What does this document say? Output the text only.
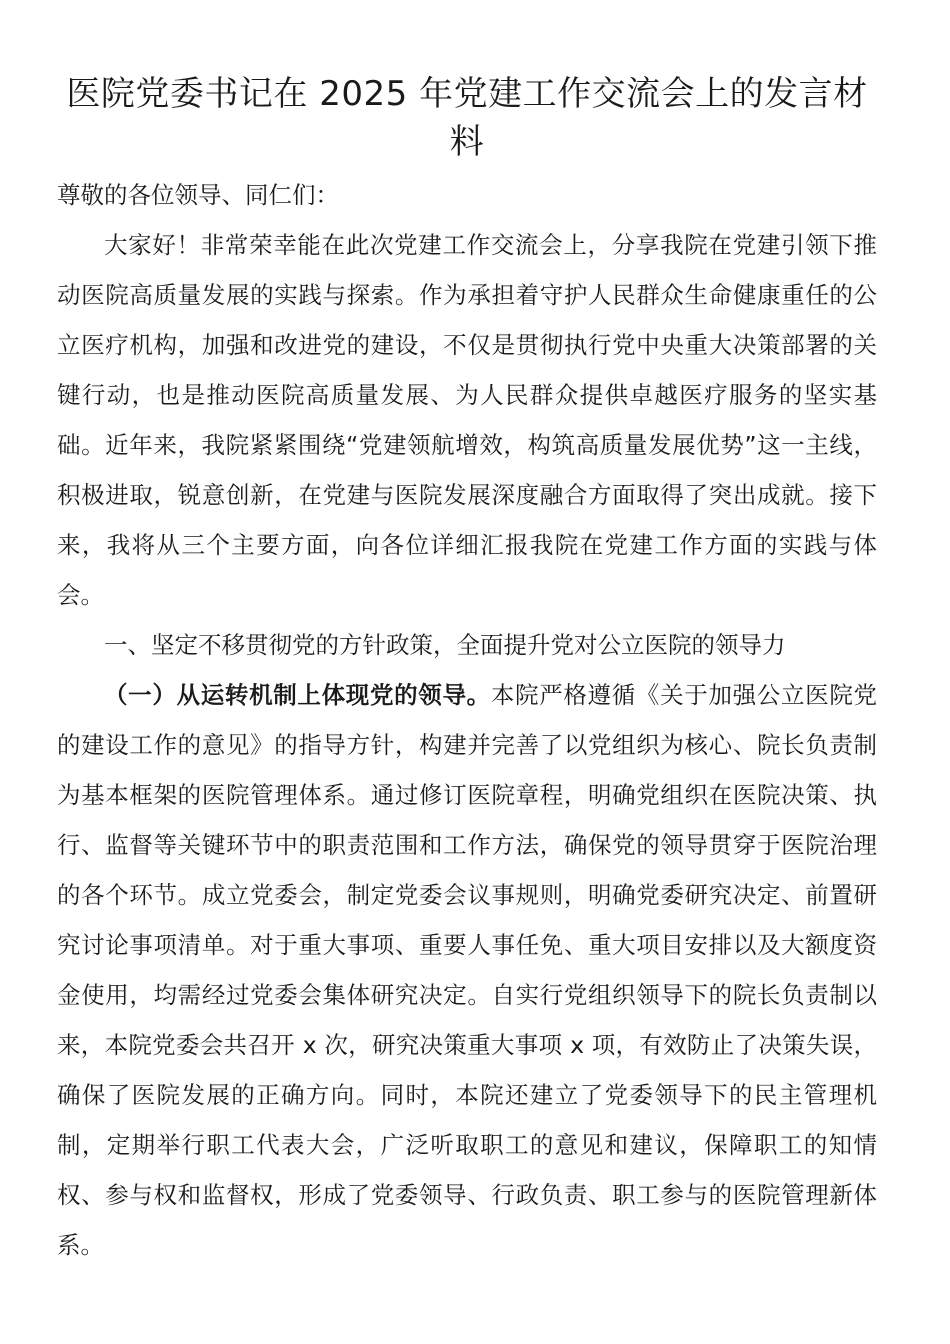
医院党委书记在 2025 年党建工作交流会上的发言材料

尊敬的各位领导、同仁们：

大家好！非常荣幸能在此次党建工作交流会上，分享我院在党建引领下推动医院高质量发展的实践与探索。作为承担着守护人民群众生命健康重任的公立医疗机构，加强和改进党的建设，不仅是贯彻执行党中央重大决策部署的关键行动，也是推动医院高质量发展、为人民群众提供卓越医疗服务的坚实基础。近年来，我院紧紧围绕“党建领航增效，构筑高质量发展优势”这一主线，积极进取，锐意创新，在党建与医院发展深度融合方面取得了突出成就。接下来，我将从三个主要方面，向各位详细汇报我院在党建工作方面的实践与体会。

一、坚定不移贯彻党的方针政策，全面提升党对公立医院的领导力

（一）从运转机制上体现党的领导。本院严格遵循《关于加强公立医院党的建设工作的意见》的指导方针，构建并完善了以党组织为核心、院长负责制为基本框架的医院管理体系。通过修订医院章程，明确党组织在医院决策、执行、监督等关键环节中的职责范围和工作方法，确保党的领导贯穿于医院治理的各个环节。成立党委会，制定党委会议事规则，明确党委研究决定、前置研究讨论事项清单。对于重大事项、重要人事任免、重大项目安排以及大额度资金使用，均需经过党委会集体研究决定。自实行党组织领导下的院长负责制以来，本院党委会共召开 x 次，研究决策重大事项 x 项，有效防止了决策失误，确保了医院发展的正确方向。同时，本院还建立了党委领导下的民主管理机制，定期举行职工代表大会，广泛听取职工的意见和建议，保障职工的知情权、参与权和监督权，形成了党委领导、行政负责、职工参与的医院管理新体系。
